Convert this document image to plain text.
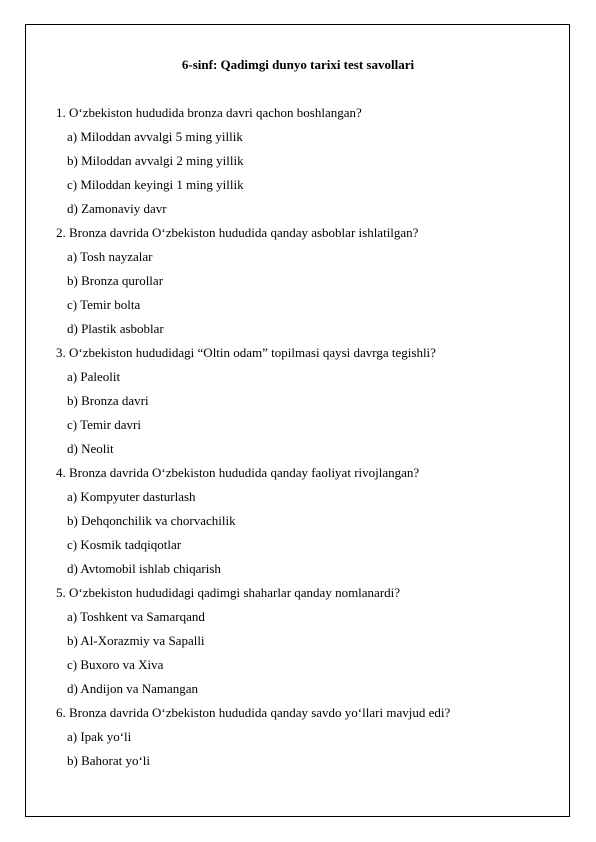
6-sinf: Qadimgi dunyo tarixi test savollari
1. O‘zbekiston hududida bronza davri qachon boshlangan?
a) Miloddan avvalgi 5 ming yillik
b) Miloddan avvalgi 2 ming yillik
c) Miloddan keyingi 1 ming yillik
d) Zamonaviy davr
2. Bronza davrida O‘zbekiston hududida qanday asboblar ishlatilgan?
a) Tosh nayzalar
b) Bronza qurollar
c) Temir bolta
d) Plastik asboblar
3. O‘zbekiston hududidagi “Oltin odam” topilmasi qaysi davrga tegishli?
a) Paleolit
b) Bronza davri
c) Temir davri
d) Neolit
4. Bronza davrida O‘zbekiston hududida qanday faoliyat rivojlangan?
a) Kompyuter dasturlash
b) Dehqonchilik va chorvachilik
c) Kosmik tadqiqotlar
d) Avtomobil ishlab chiqarish
5. O‘zbekiston hududidagi qadimgi shaharlar qanday nomlanardi?
a) Toshkent va Samarqand
b) Al-Xorazmiy va Sapalli
c) Buxoro va Xiva
d) Andijon va Namangan
6. Bronza davrida O‘zbekiston hududida qanday savdo yo‘llari mavjud edi?
a) Ipak yo‘li
b) Bahorat yo‘li
